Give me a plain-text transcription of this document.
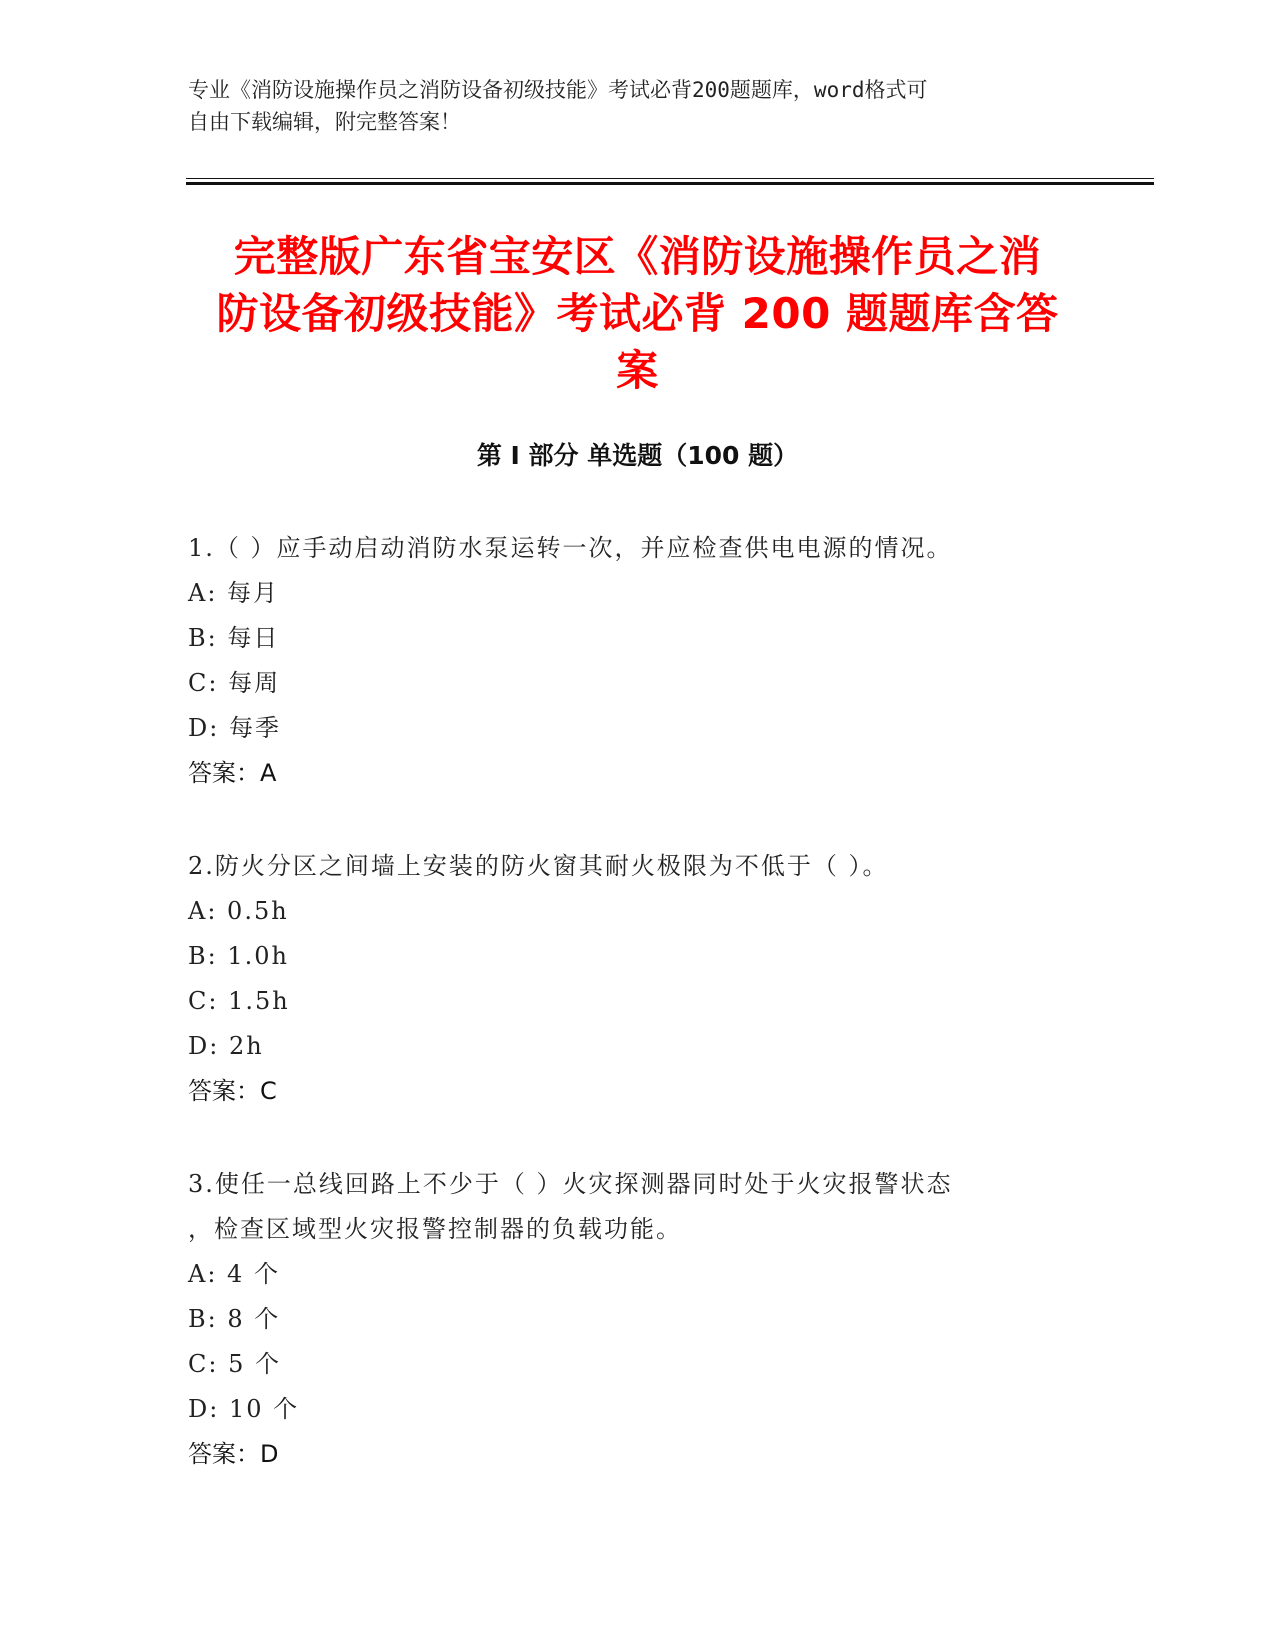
专业《消防设施操作员之消防设备初级技能》考试必背200题题库，word格式可
自由下载编辑，附完整答案！
完整版广东省宝安区《消防设施操作员之消
防设备初级技能》考试必背 200 题题库含答
案
第 I 部分 单选题（100 题）
1.（ ）应手动启动消防水泵运转一次，并应检查供电电源的情况。
A: 每月
B: 每日
C: 每周
D: 每季
答案：A
2.防火分区之间墙上安装的防火窗其耐火极限为不低于（ ）。
A: 0.5h
B: 1.0h
C: 1.5h
D: 2h
答案：C
3.使任一总线回路上不少于（ ）火灾探测器同时处于火灾报警状态
，检查区域型火灾报警控制器的负载功能。
A: 4 个
B: 8 个
C: 5 个
D: 10 个
答案：D
